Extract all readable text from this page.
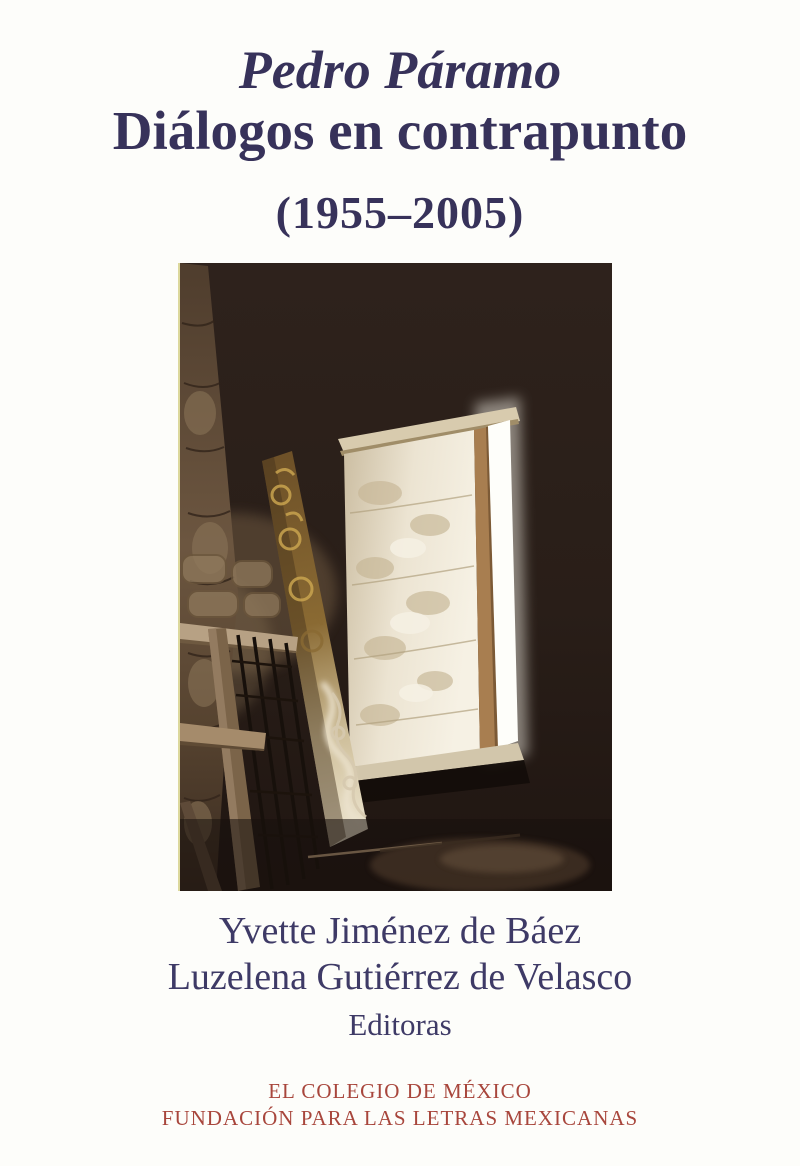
Pedro Páramo
Diálogos en contrapunto
(1955–2005)

Yvette Jiménez de Báez

Luzelena Gutiérrez de Velasco

Editoras

EL COLEGIO DE MÉXICO

FUNDACIÓN PARA LAS LETRAS MEXICANAS
